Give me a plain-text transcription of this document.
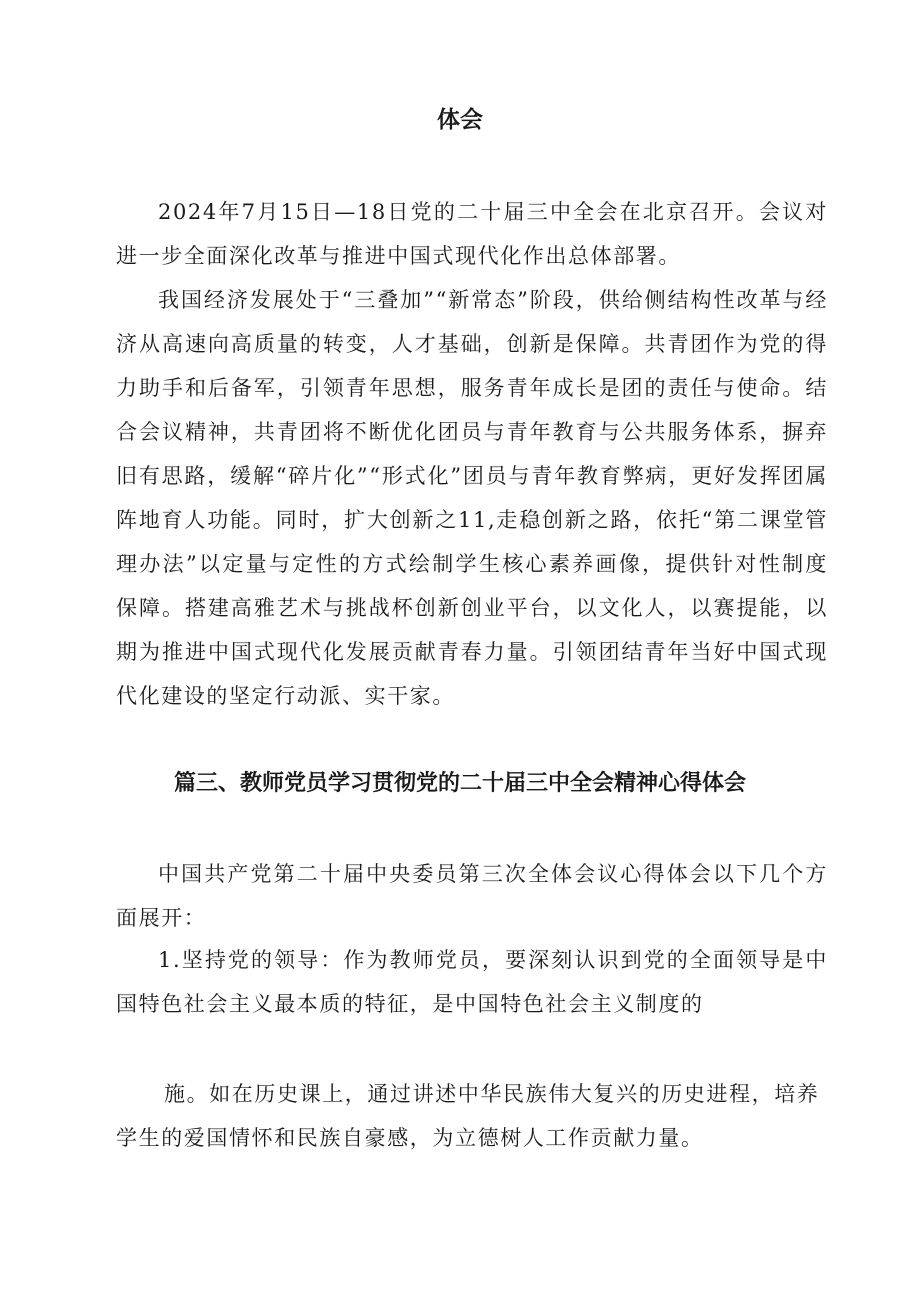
体会

2024年7月15日—18日党的二十届三中全会在北京召开。会议对进一步全面深化改革与推进中国式现代化作出总体部署。

我国经济发展处于“三叠加”“新常态”阶段，供给侧结构性改革与经济从高速向高质量的转变，人才基础，创新是保障。共青团作为党的得力助手和后备军，引领青年思想，服务青年成长是团的责任与使命。结合会议精神，共青团将不断优化团员与青年教育与公共服务体系，摒弃旧有思路，缓解“碎片化”“形式化”团员与青年教育弊病，更好发挥团属阵地育人功能。同时，扩大创新之11,走稳创新之路，依托“第二课堂管理办法”以定量与定性的方式绘制学生核心素养画像，提供针对性制度保障。搭建高雅艺术与挑战杯创新创业平台，以文化人，以赛提能，以期为推进中国式现代化发展贡献青春力量。引领团结青年当好中国式现代化建设的坚定行动派、实干家。

篇三、教师党员学习贯彻党的二十届三中全会精神心得体会

中国共产党第二十届中央委员第三次全体会议心得体会以下几个方面展开：

1.坚持党的领导：作为教师党员，要深刻认识到党的全面领导是中国特色社会主义最本质的特征，是中国特色社会主义制度的

施。如在历史课上，通过讲述中华民族伟大复兴的历史进程，培养
学生的爱国情怀和民族自豪感，为立德树人工作贡献力量。
